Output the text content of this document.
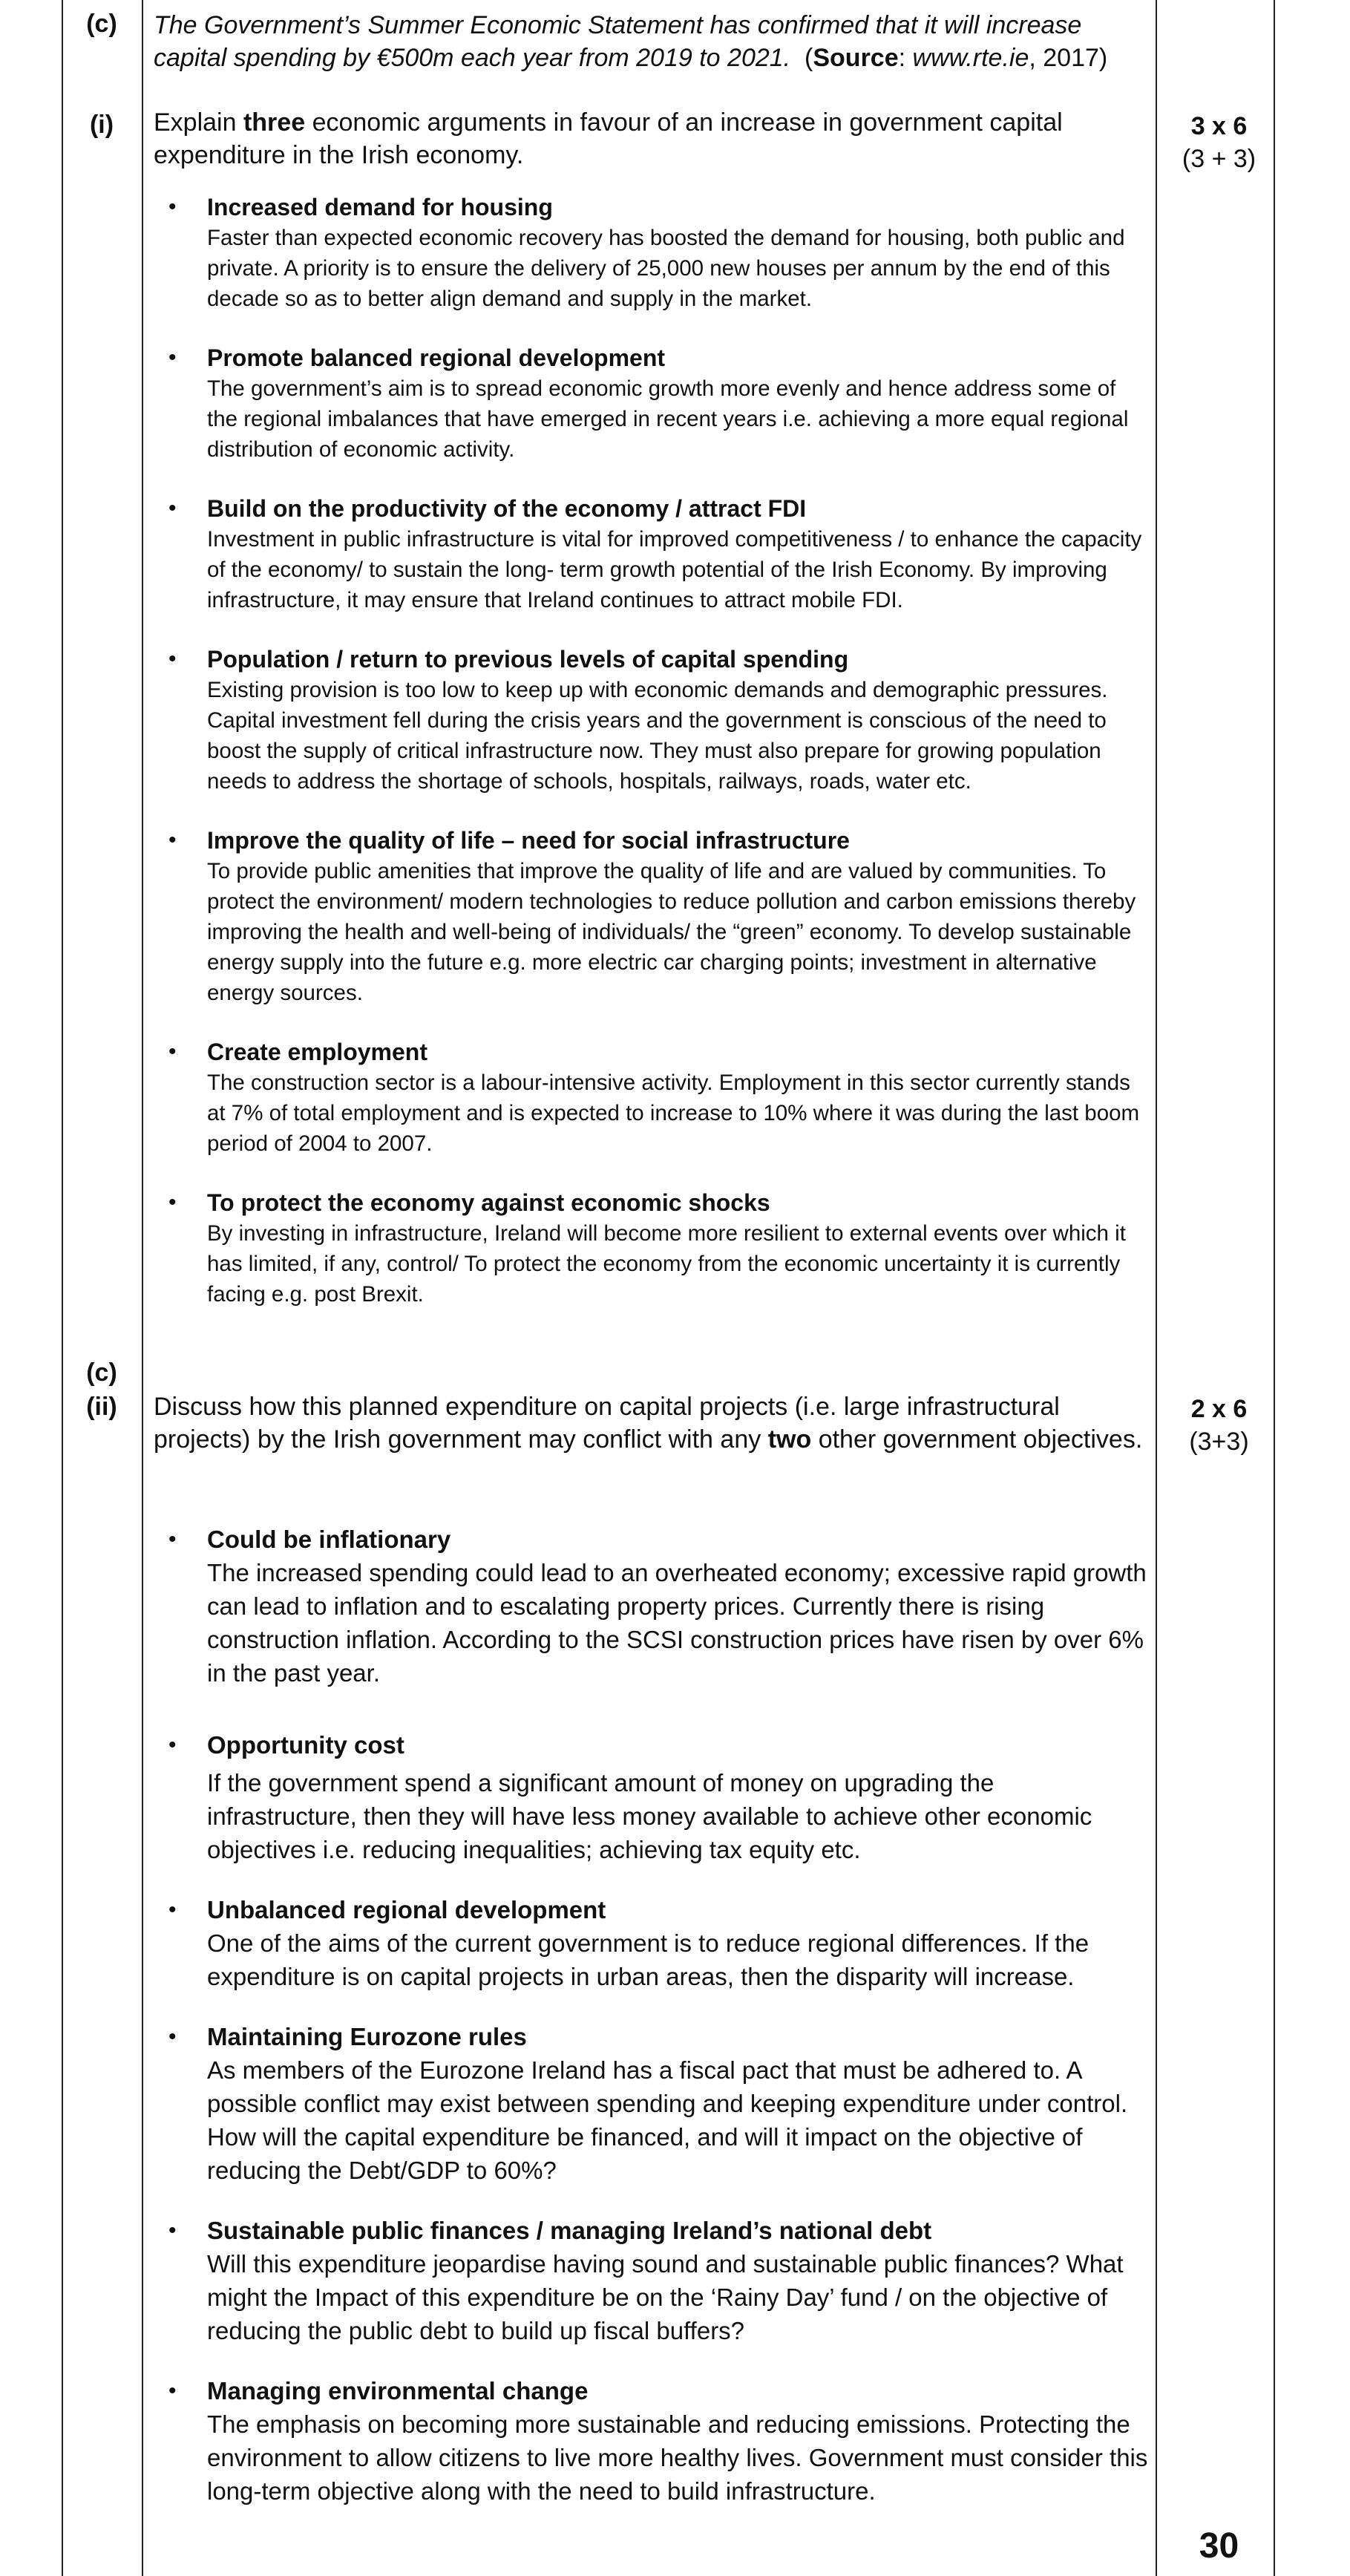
(c)	The Government’s Summer Economic Statement has confirmed that it will increase capital spending by €500m each year from 2019 to 2021. (Source: www.rte.ie, 2017)

(i)	Explain three economic arguments in favour of an increase in government capital expenditure in the Irish economy.

3 x 6
(3 + 3)
• Increased demand for housing
Faster than expected economic recovery has boosted the demand for housing, both public and private. A priority is to ensure the delivery of 25,000 new houses per annum by the end of this decade so as to better align demand and supply in the market.
• Promote balanced regional development
The government’s aim is to spread economic growth more evenly and hence address some of the regional imbalances that have emerged in recent years i.e. achieving a more equal regional distribution of economic activity.
• Build on the productivity of the economy / attract FDI
Investment in public infrastructure is vital for improved competitiveness / to enhance the capacity of the economy/ to sustain the long- term growth potential of the Irish Economy. By improving infrastructure, it may ensure that Ireland continues to attract mobile FDI.
• Population / return to previous levels of capital spending
Existing provision is too low to keep up with economic demands and demographic pressures. Capital investment fell during the crisis years and the government is conscious of the need to boost the supply of critical infrastructure now. They must also prepare for growing population needs to address the shortage of schools, hospitals, railways, roads, water etc.
• Improve the quality of life – need for social infrastructure
To provide public amenities that improve the quality of life and are valued by communities. To protect the environment/ modern technologies to reduce pollution and carbon emissions thereby improving the health and well-being of individuals/ the “green” economy. To develop sustainable energy supply into the future e.g. more electric car charging points; investment in alternative energy sources.
• Create employment
The construction sector is a labour-intensive activity. Employment in this sector currently stands at 7% of total employment and is expected to increase to 10% where it was during the last boom period of 2004 to 2007.
• To protect the economy against economic shocks
By investing in infrastructure, Ireland will become more resilient to external events over which it has limited, if any, control/ To protect the economy from the economic uncertainty it is currently facing e.g. post Brexit.
(c)
(ii)	Discuss how this planned expenditure on capital projects (i.e. large infrastructural projects) by the Irish government may conflict with any two other government objectives.

2 x 6
(3+3)
• Could be inflationary
The increased spending could lead to an overheated economy; excessive rapid growth can lead to inflation and to escalating property prices. Currently there is rising construction inflation. According to the SCSI construction prices have risen by over 6% in the past year.
• Opportunity cost
If the government spend a significant amount of money on upgrading the infrastructure, then they will have less money available to achieve other economic objectives i.e. reducing inequalities; achieving tax equity etc.
• Unbalanced regional development
One of the aims of the current government is to reduce regional differences. If the expenditure is on capital projects in urban areas, then the disparity will increase.
• Maintaining Eurozone rules
As members of the Eurozone Ireland has a fiscal pact that must be adhered to. A possible conflict may exist between spending and keeping expenditure under control. How will the capital expenditure be financed, and will it impact on the objective of reducing the Debt/GDP to 60%?
• Sustainable public finances / managing Ireland’s national debt
Will this expenditure jeopardise having sound and sustainable public finances? What might the Impact of this expenditure be on the ‘Rainy Day’ fund / on the objective of reducing the public debt to build up fiscal buffers?
• Managing environmental change
The emphasis on becoming more sustainable and reducing emissions. Protecting the environment to allow citizens to live more healthy lives. Government must consider this long-term objective along with the need to build infrastructure.
30
